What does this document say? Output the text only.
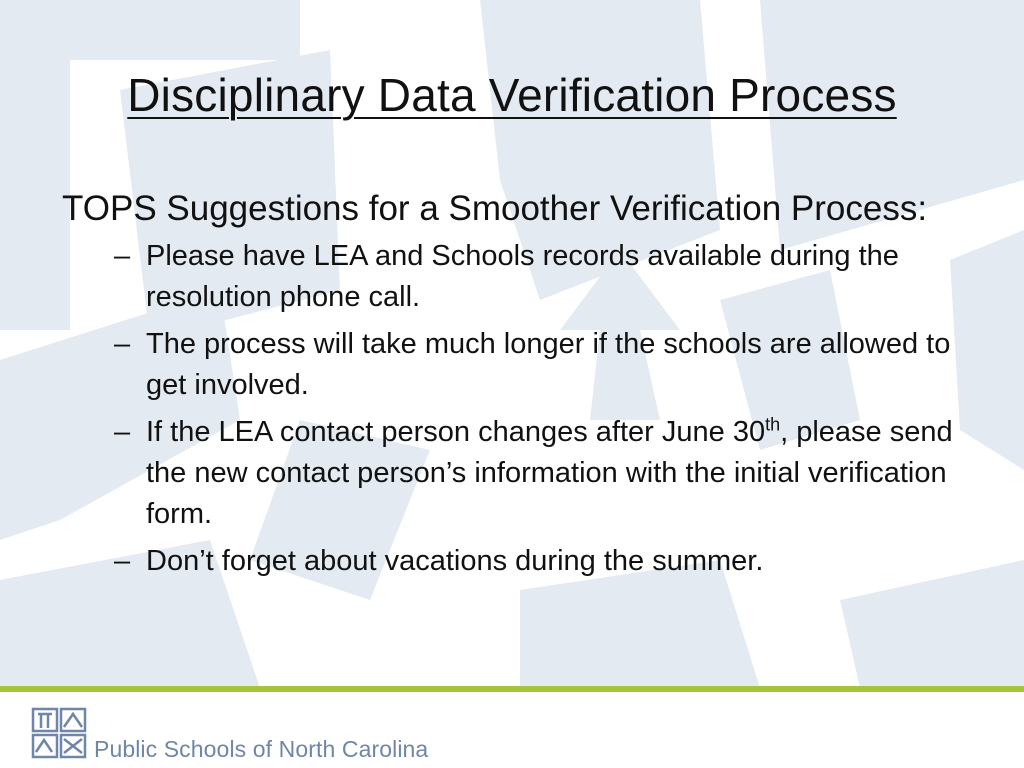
Disciplinary Data Verification Process

TOPS Suggestions for a Smoother Verification Process:

– Please have LEA and Schools records available during the resolution phone call.
– The process will take much longer if the schools are allowed to get involved.
– If the LEA contact person changes after June 30th, please send the new contact person’s information with the initial verification form.
– Don’t forget about vacations during the summer.
Public Schools of North Carolina
